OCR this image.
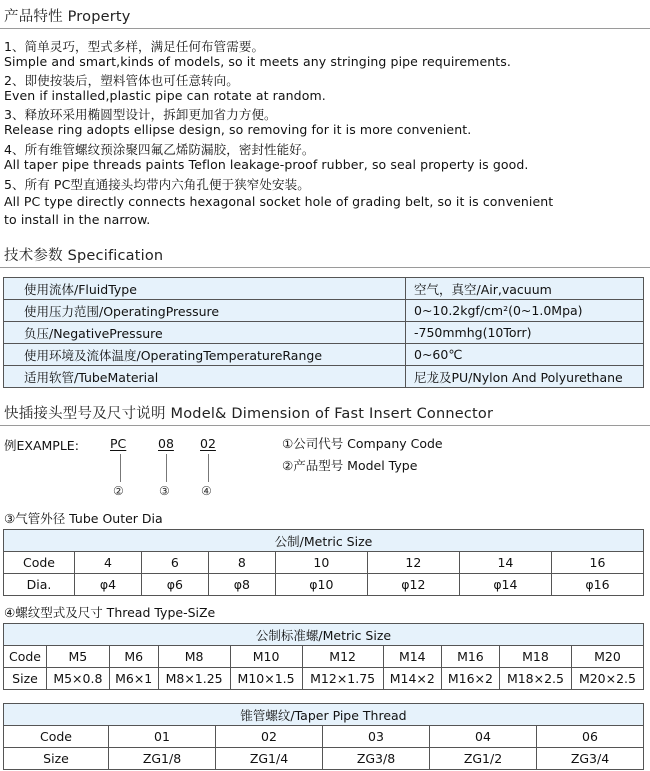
产品特性 Property
1、简单灵巧，型式多样，满足任何布管需要。
Simple and smart,kinds of models, so it meets any stringing pipe requirements.
2、即使按装后，塑料管体也可任意转向。
Even if installed,plastic pipe can rotate at random.
3、释放环采用椭圆型设计，拆卸更加省力方便。
Release ring adopts ellipse design, so removing for it is more convenient.
4、所有维管螺纹预涂聚四氟乙烯防漏胶，密封性能好。
All taper pipe threads paints Teflon leakage-proof rubber, so seal property is good.
5、所有 PC型直通接头均带内六角孔便于狭窄处安装。
All PC type directly connects hexagonal socket hole of grading belt, so it is convenient
to install in the narrow.
技术参数 Specification
使用流体/FluidType	空气，真空/Air,vacuum
使用压力范围/OperatingPressure	0~10.2kgf/cm²(0~1.0Mpa)
负压/NegativePressure	-750mmhg(10Torr)
使用环境及流体温度/OperatingTemperatureRange	0~60℃
适用软管/TubeMaterial	尼龙及PU/Nylon And Polyurethane
快插接头型号及尺寸说明 Model& Dimension of Fast Insert Connector
例EXAMPLE: PC	08 02
②	③	④
①公司代号 Company Code
②产品型号 Model Type
③气管外径 Tube Outer Dia
公制/Metric Size							
Code	4	6	8	10	12	14	16
Dia.	φ4	φ6	φ8	φ10	φ12	φ14	φ16
④螺纹型式及尺寸 Thread Type-SiZe
公制标准螺/Metric Size									
Code	M5	M6	M8	M10	M12	M14	M16	M18	M20
Size	M5×0.8	M6×1	M8×1.25	M10×1.5	M12×1.75	M14×2	M16×2	M18×2.5	M20×2.5
锥管螺纹/Taper Pipe Thread					
Code	01	02	03	04	06
Size	ZG1/8	ZG1/4	ZG3/8	ZG1/2	ZG3/4
